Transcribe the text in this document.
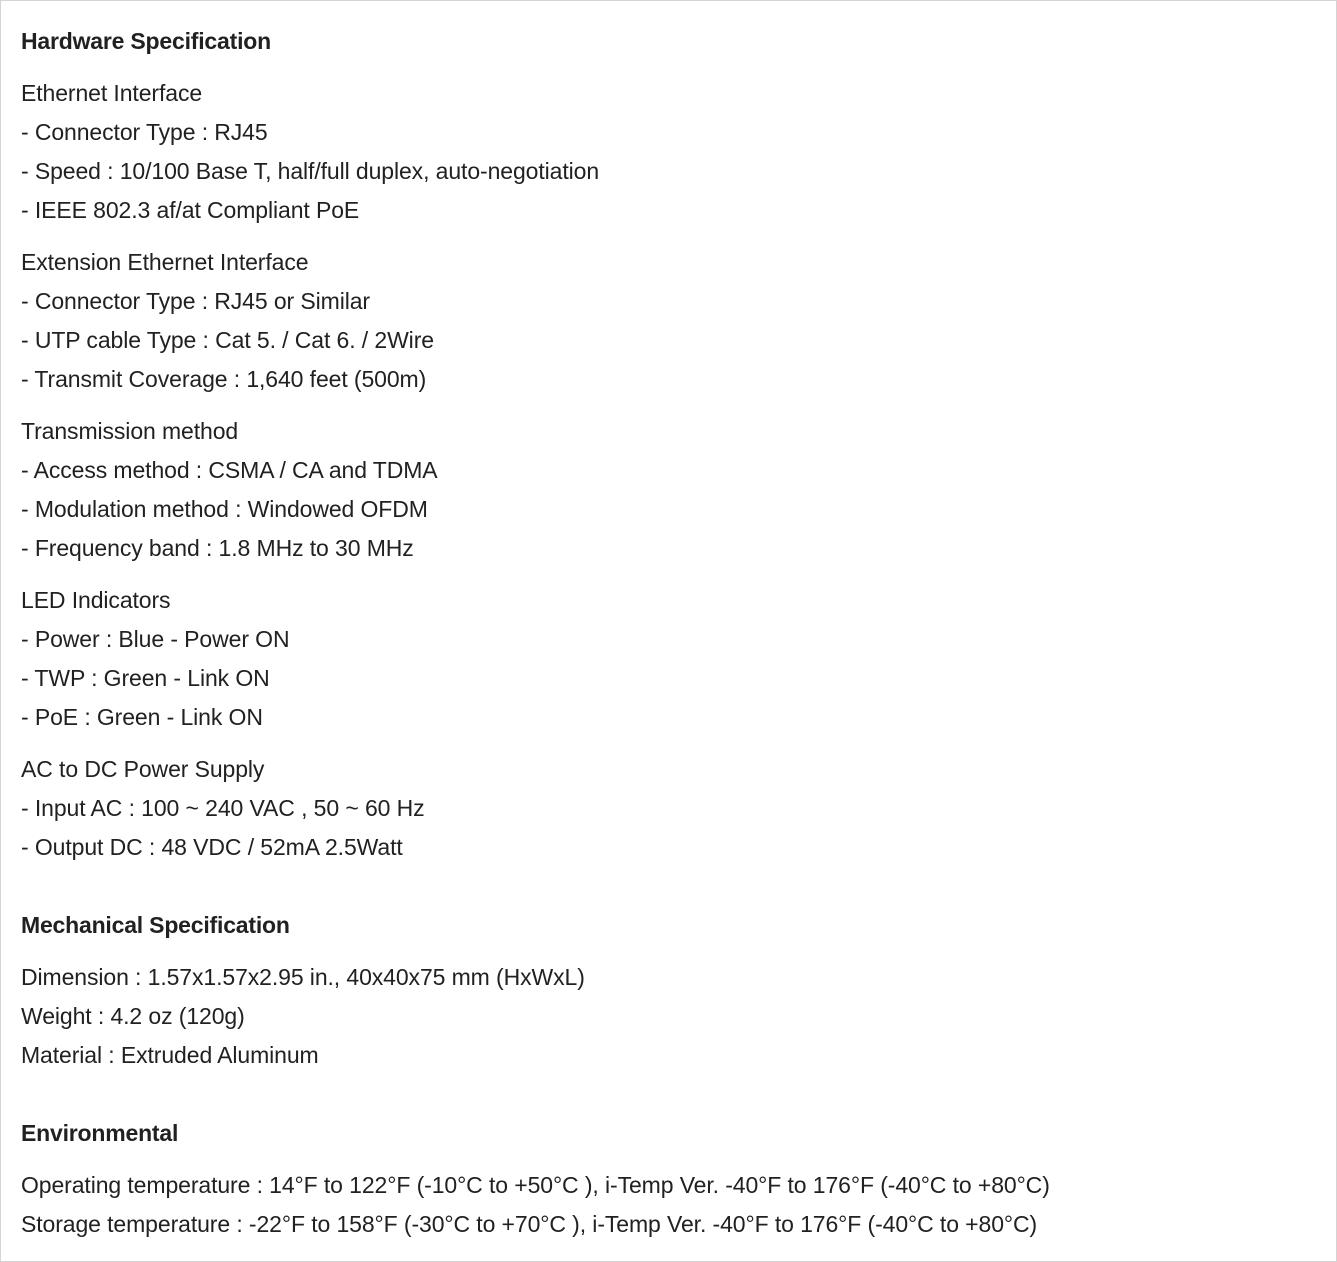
Hardware Specification
Ethernet Interface
- Connector Type : RJ45
- Speed : 10/100 Base T, half/full duplex, auto-negotiation
- IEEE 802.3 af/at Compliant PoE
Extension Ethernet Interface
- Connector Type : RJ45 or Similar
- UTP cable Type : Cat 5. / Cat 6. / 2Wire
- Transmit Coverage : 1,640 feet (500m)
Transmission method
- Access method : CSMA / CA and TDMA
- Modulation method : Windowed OFDM
- Frequency band : 1.8 MHz to 30 MHz
LED Indicators
- Power : Blue - Power ON
- TWP : Green - Link ON
- PoE : Green - Link ON
AC to DC Power Supply
- Input AC : 100 ~ 240 VAC , 50 ~ 60 Hz
- Output DC : 48 VDC / 52mA 2.5Watt
Mechanical Specification
Dimension : 1.57x1.57x2.95 in., 40x40x75 mm (HxWxL)
Weight : 4.2 oz (120g)
Material : Extruded Aluminum
Environmental
Operating temperature : 14°F to 122°F (-10°C to +50°C ), i-Temp Ver. -40°F to 176°F (-40°C to +80°C)
Storage temperature : -22°F to 158°F (-30°C to +70°C ), i-Temp Ver. -40°F to 176°F (-40°C to +80°C)
